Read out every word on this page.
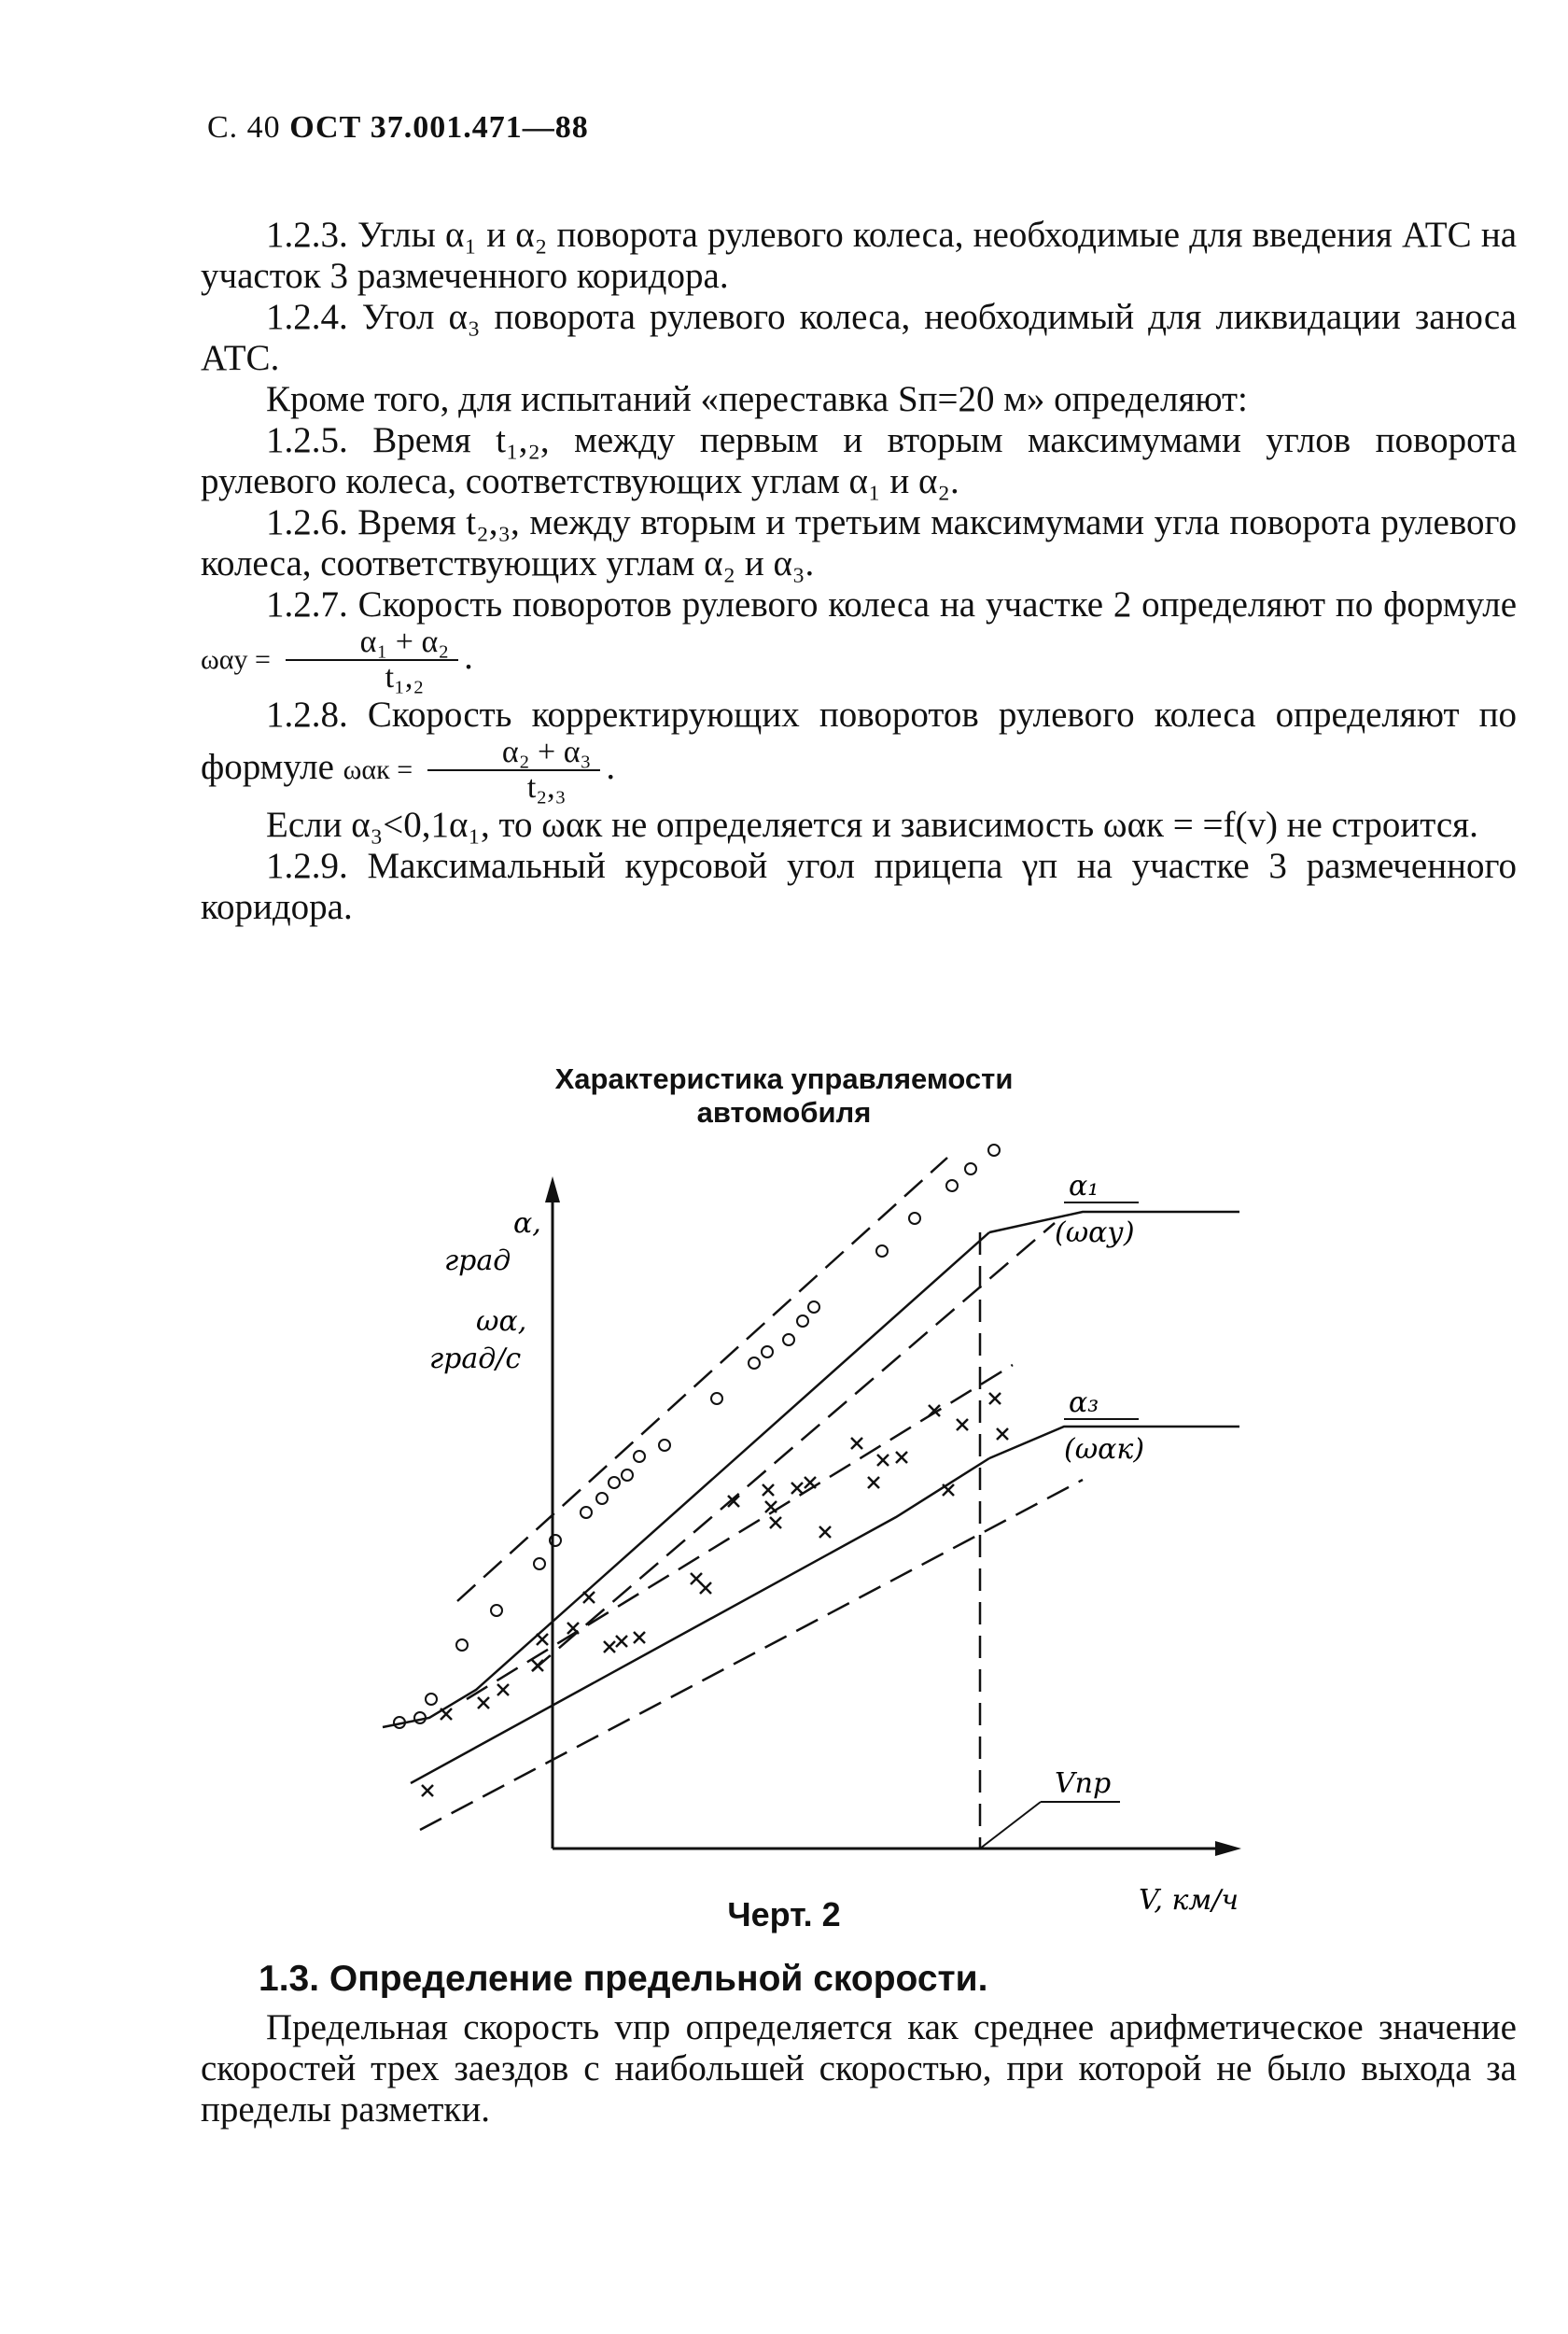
С. 40 ОСТ 37.001.471—88

1.2.3. Углы α₁ и α₂ поворота рулевого колеса, необходимые для введения АТС на участок 3 размеченного коридора.

1.2.4. Угол α₃ поворота рулевого колеса, необходимый для ликвидации заноса АТС.

Кроме того, для испытаний «переставка Sп=20 м» определяют:

1.2.5. Время t₁,₂, между первым и вторым максимумами углов поворота рулевого колеса, соответствующих углам α₁ и α₂.

1.2.6. Время t₂,₃, между вторым и третьим максимумами угла поворота рулевого колеса, соответствующих углам α₂ и α₃.

1.2.7. Скорость поворотов рулевого колеса на участке 2 определяют по формуле $\omega\alpha у = \frac{\text{α₁ + α₂}}{\text{t₁,₂}}$ .

1.2.8. Скорость корректирующих поворотов рулевого колеса определяют по формуле $\omega\alpha к = \frac{\text{α₂ + α₃}}{\text{t₂,₃}}$ .

Если α₃<0,1α₁, то ωαк не определяется и зависимость ωαк = =f(v) не строится.

1.2.9. Максимальный курсовой угол прицепа γп на участке 3 размеченного коридора.

Характеристика управляемости
автомобиля
α,
град
ωα,
град/с
V, км/ч
Vпр
α₁
(ωαу)
α₃
(ωαк)
Черт. 2
1.3. Определение предельной скорости.

Предельная скорость vпр определяется как среднее арифметическое значение скоростей трех заездов с наибольшей скоростью, при которой не было выхода за пределы разметки.
